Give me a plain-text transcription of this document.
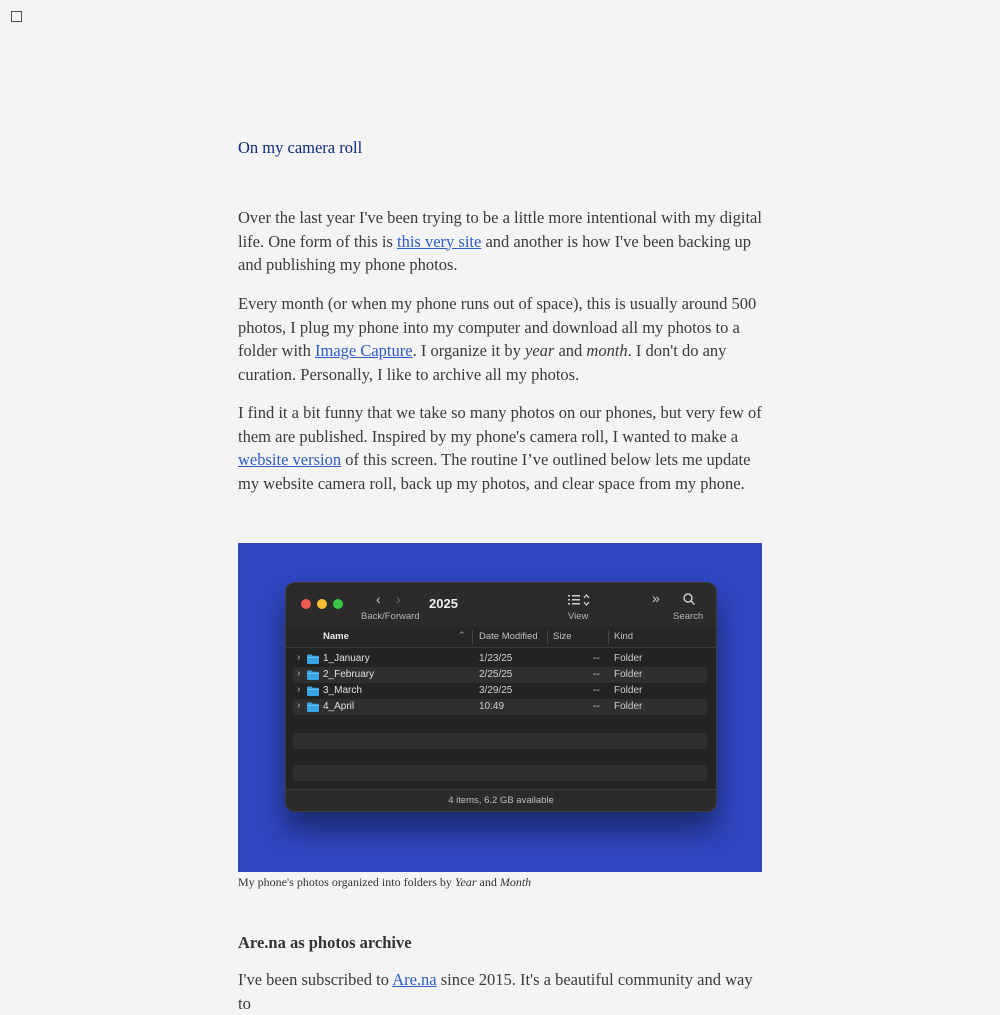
On my camera roll

Over the last year I've been trying to be a little more intentional with my digital life. One form of this is this very site and another is how I've been backing up and publishing my phone photos.

Every month (or when my phone runs out of space), this is usually around 500 photos, I plug my phone into my computer and download all my photos to a folder with Image Capture. I organize it by year and month. I don't do any curation. Personally, I like to archive all my photos.

I find it a bit funny that we take so many photos on our phones, but very few of them are published. Inspired by my phone's camera roll, I wanted to make a website version of this screen. The routine I’ve outlined below lets me update my website camera roll, back up my photos, and clear space from my phone.

‹ ›
Back/Forward
2025
View
»
Search
Name	⌃ Date Modified Size	Kind
› 1_January	1/23/25	-- Folder
› 2_February	2/25/25	-- Folder
› 3_March	3/29/25	-- Folder
› 4_April	10:49	-- Folder
4 items, 6.2 GB available
My phone's photos organized into folders by Year and Month
Are.na as photos archive

I've been subscribed to Are.na since 2015. It's a beautiful community and way to
